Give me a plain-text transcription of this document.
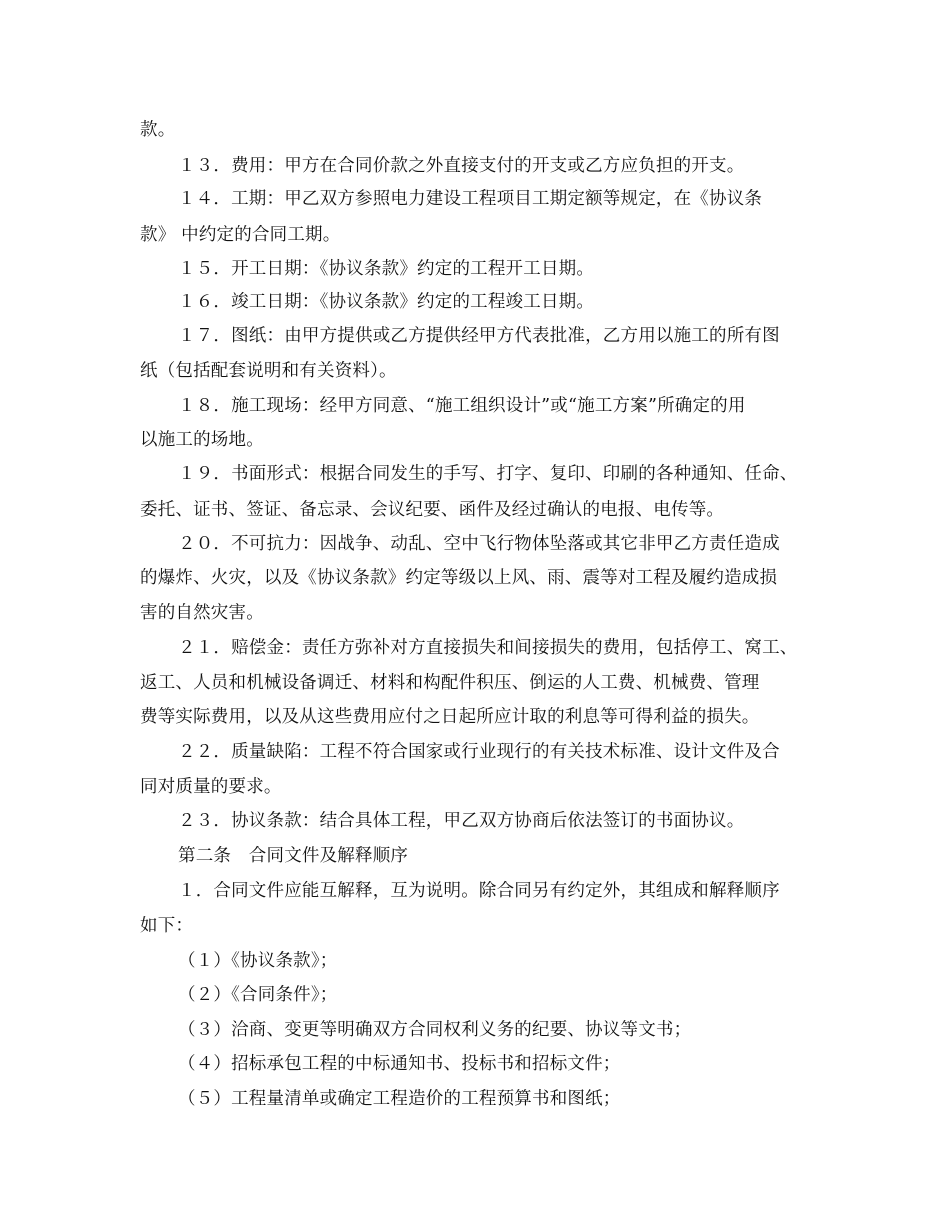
款。
１３．费用：甲方在合同价款之外直接支付的开支或乙方应负担的开支。
１４．工期：甲乙双方参照电力建设工程项目工期定额等规定，在《协议条
款》 中约定的合同工期。
１５．开工日期：《协议条款》约定的工程开工日期。
１６．竣工日期：《协议条款》约定的工程竣工日期。
１７．图纸：由甲方提供或乙方提供经甲方代表批准，乙方用以施工的所有图
纸（包括配套说明和有关资料）。
１８．施工现场：经甲方同意、“施工组织设计”或“施工方案”所确定的用
以施工的场地。
１９．书面形式：根据合同发生的手写、打字、复印、印刷的各种通知、任命、
委托、证书、签证、备忘录、会议纪要、函件及经过确认的电报、电传等。
２０．不可抗力：因战争、动乱、空中飞行物体坠落或其它非甲乙方责任造成
的爆炸、火灾，以及《协议条款》约定等级以上风、雨、震等对工程及履约造成损
害的自然灾害。
２１．赔偿金：责任方弥补对方直接损失和间接损失的费用，包括停工、窝工、
返工、人员和机械设备调迁、材料和构配件积压、倒运的人工费、机械费、管理
费等实际费用，以及从这些费用应付之日起所应计取的利息等可得利益的损失。
２２．质量缺陷：工程不符合国家或行业现行的有关技术标准、设计文件及合
同对质量的要求。
２３．协议条款：结合具体工程，甲乙双方协商后依法签订的书面协议。
第二条　合同文件及解释顺序
１．合同文件应能互解释，互为说明。除合同另有约定外，其组成和解释顺序
如下：
（１）《协议条款》；
（２）《合同条件》；
（３）洽商、变更等明确双方合同权利义务的纪要、协议等文书；
（４）招标承包工程的中标通知书、投标书和招标文件；
（５）工程量清单或确定工程造价的工程预算书和图纸；
